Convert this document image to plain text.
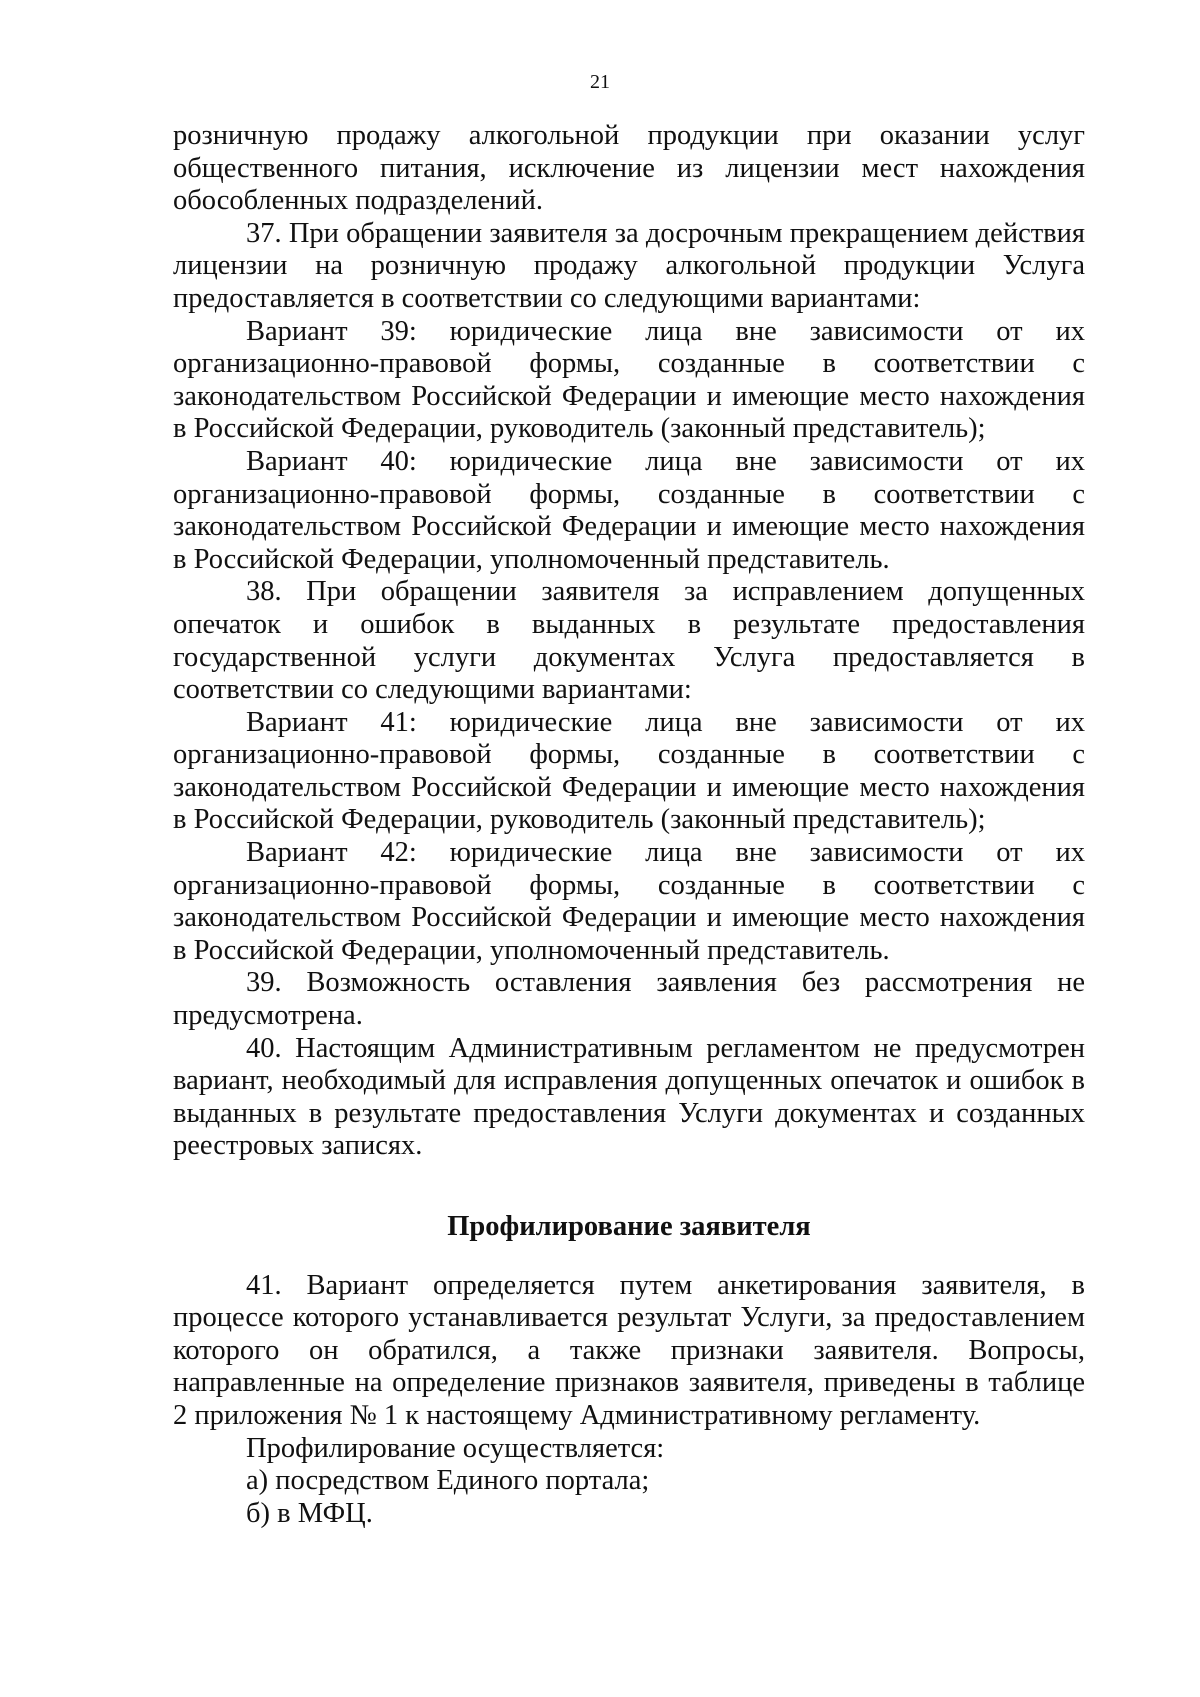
21

розничную продажу алкогольной продукции при оказании услуг общественного питания, исключение из лицензии мест нахождения обособленных подразделений.

37. При обращении заявителя за досрочным прекращением действия лицензии на розничную продажу алкогольной продукции Услуга предоставляется в соответствии со следующими вариантами:

Вариант 39: юридические лица вне зависимости от их организационно-правовой формы, созданные в соответствии с законодательством Российской Федерации и имеющие место нахождения в Российской Федерации, руководитель (законный представитель);

Вариант 40: юридические лица вне зависимости от их организационно-правовой формы, созданные в соответствии с законодательством Российской Федерации и имеющие место нахождения в Российской Федерации, уполномоченный представитель.

38. При обращении заявителя за исправлением допущенных опечаток и ошибок в выданных в результате предоставления государственной услуги документах Услуга предоставляется в соответствии со следующими вариантами:

Вариант 41: юридические лица вне зависимости от их организационно-правовой формы, созданные в соответствии с законодательством Российской Федерации и имеющие место нахождения в Российской Федерации, руководитель (законный представитель);

Вариант 42: юридические лица вне зависимости от их организационно-правовой формы, созданные в соответствии с законодательством Российской Федерации и имеющие место нахождения в Российской Федерации, уполномоченный представитель.

39. Возможность оставления заявления без рассмотрения не предусмотрена.

40. Настоящим Административным регламентом не предусмотрен вариант, необходимый для исправления допущенных опечаток и ошибок в выданных в результате предоставления Услуги документах и созданных реестровых записях.

Профилирование заявителя

41. Вариант определяется путем анкетирования заявителя, в процессе которого устанавливается результат Услуги, за предоставлением которого он обратился, а также признаки заявителя. Вопросы, направленные на определение признаков заявителя, приведены в таблице 2 приложения № 1 к настоящему Административному регламенту.

Профилирование осуществляется:

а) посредством Единого портала;

б) в МФЦ.
